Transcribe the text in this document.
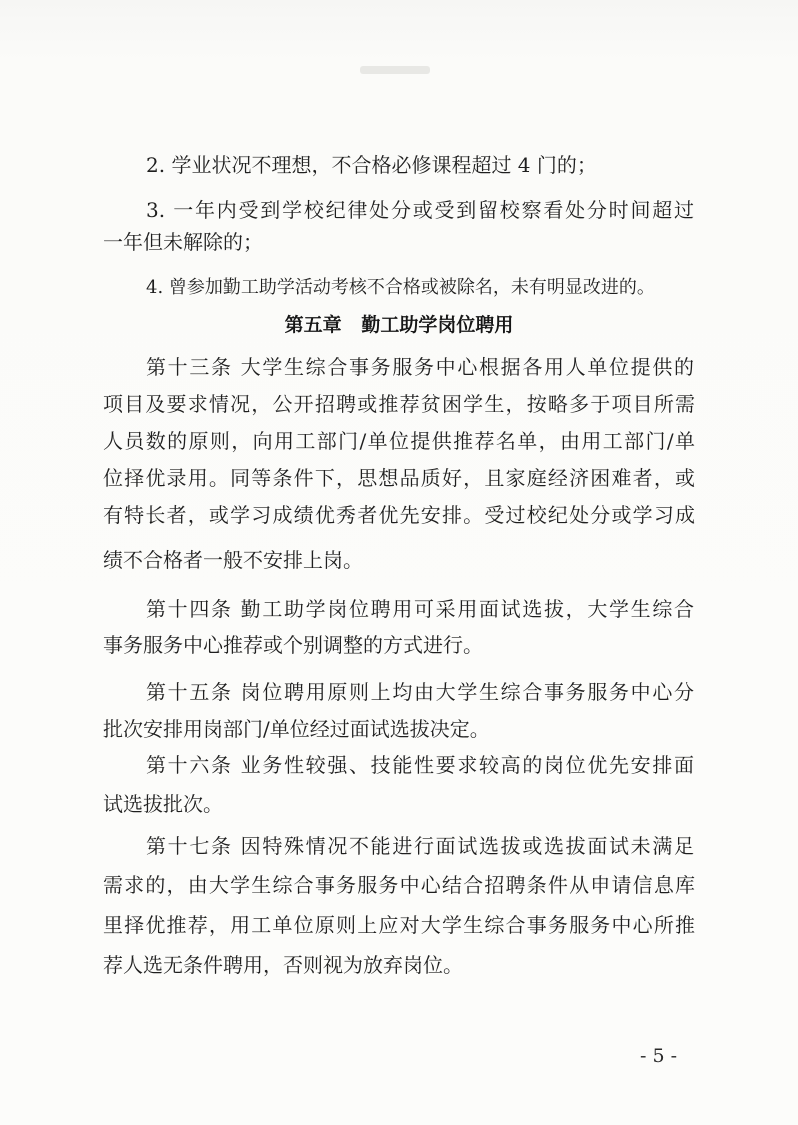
2. 学业状况不理想，不合格必修课程超过 4 门的；
3. 一年内受到学校纪律处分或受到留校察看处分时间超过
一年但未解除的；
4. 曾参加勤工助学活动考核不合格或被除名，未有明显改进的。
第五章   勤工助学岗位聘用
第十三条 大学生综合事务服务中心根据各用人单位提供的
项目及要求情况，公开招聘或推荐贫困学生，按略多于项目所需
人员数的原则，向用工部门/单位提供推荐名单，由用工部门/单
位择优录用。同等条件下，思想品质好，且家庭经济困难者，或
有特长者，或学习成绩优秀者优先安排。受过校纪处分或学习成
绩不合格者一般不安排上岗。
第十四条 勤工助学岗位聘用可采用面试选拔，大学生综合
事务服务中心推荐或个别调整的方式进行。
第十五条 岗位聘用原则上均由大学生综合事务服务中心分
批次安排用岗部门/单位经过面试选拔决定。
第十六条 业务性较强、技能性要求较高的岗位优先安排面
试选拔批次。
第十七条 因特殊情况不能进行面试选拔或选拔面试未满足
需求的，由大学生综合事务服务中心结合招聘条件从申请信息库
里择优推荐，用工单位原则上应对大学生综合事务服务中心所推
荐人选无条件聘用，否则视为放弃岗位。
- 5 -
